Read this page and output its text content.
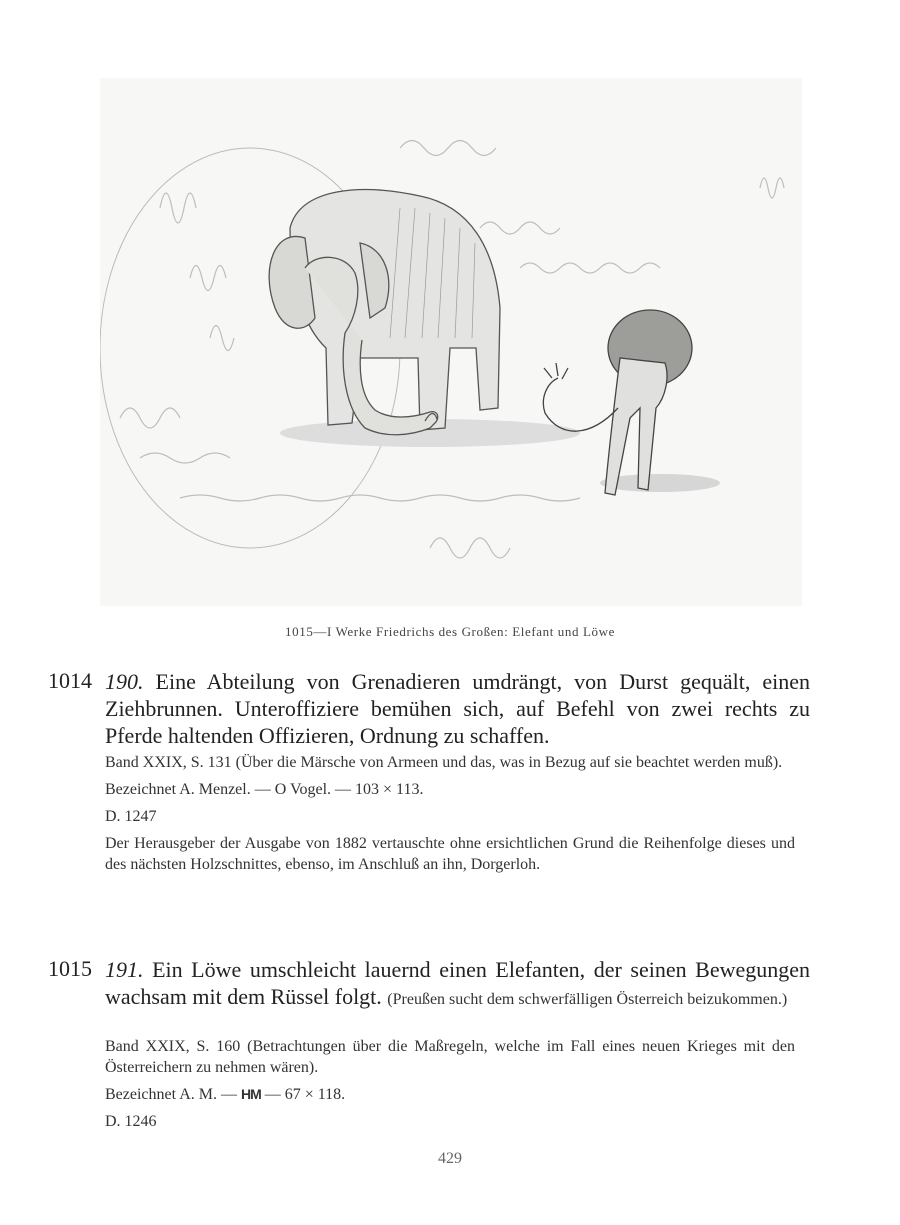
1015—I Werke Friedrichs des Großen: Elefant und Löwe
1014 190. Eine Abteilung von Grenadieren umdrängt, von Durst gequält, einen Ziehbrunnen. Unteroffiziere bemühen sich, auf Befehl von zwei rechts zu Pferde haltenden Offizieren, Ordnung zu schaffen.

Band XXIX, S. 131 (Über die Märsche von Armeen und das, was in Bezug auf sie beachtet werden muß).

Bezeichnet A. Menzel. — O Vogel. — 103 × 113.

D. 1247

Der Herausgeber der Ausgabe von 1882 vertauschte ohne ersichtlichen Grund die Reihenfolge dieses und des nächsten Holzschnittes, ebenso, im Anschluß an ihn, Dorgerloh.

1015 191. Ein Löwe umschleicht lauernd einen Elefanten, der seinen Bewegungen wachsam mit dem Rüssel folgt. (Preußen sucht dem schwerfälligen Österreich beizukommen.)

Band XXIX, S. 160 (Betrachtungen über die Maßregeln, welche im Fall eines neuen Krieges mit den Österreichern zu nehmen wären).

Bezeichnet A. M. — HM — 67 × 118.

D. 1246

429
